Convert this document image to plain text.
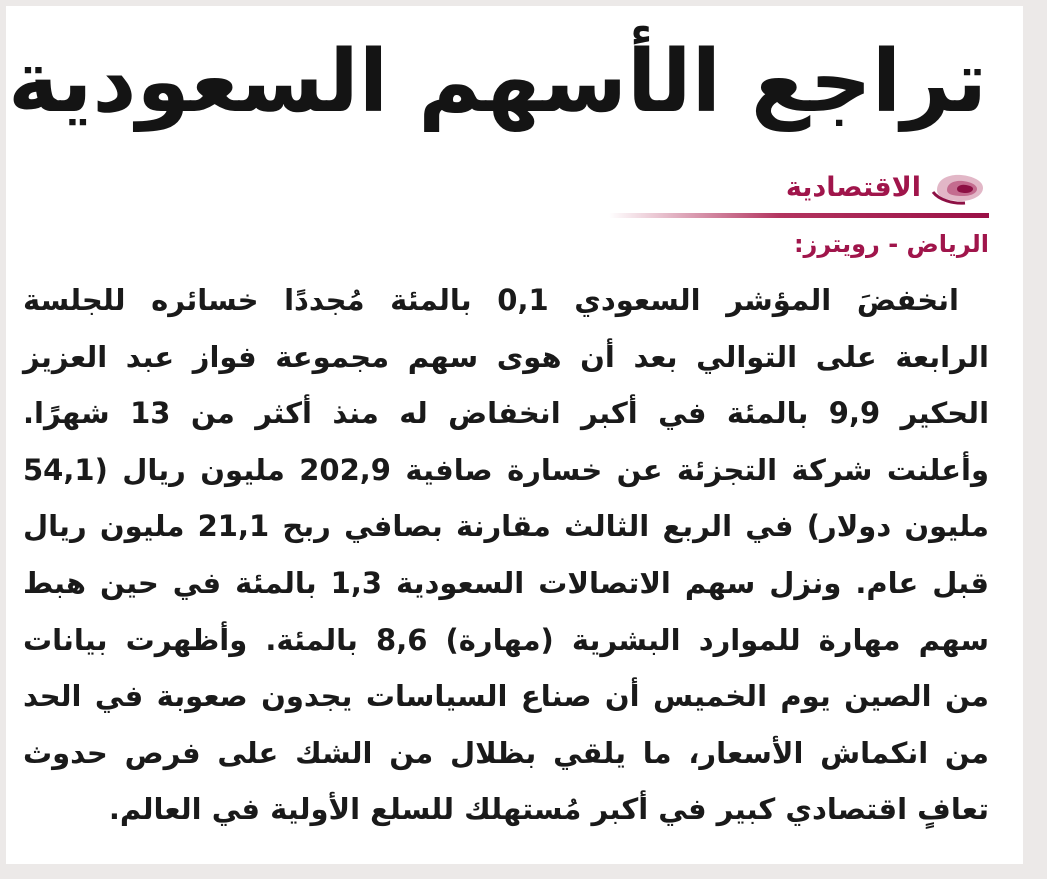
تراجع الأسهم السعودية
الاقتصادية
الرياض - رويترز:
انخفضَ المؤشر السعودي 0,1 بالمئة مُجددًا خسائره للجلسة
الرابعة على التوالي بعد أن هوى سهم مجموعة فواز عبد العزيز
الحكير 9,9 بالمئة في أكبر انخفاض له منذ أكثر من 13 شهرًا.
وأعلنت شركة التجزئة عن خسارة صافية 202,9 مليون ريال (54,1
مليون دولار) في الربع الثالث مقارنة بصافي ربح 21,1 مليون ريال
قبل عام. ونزل سهم الاتصالات السعودية 1,3 بالمئة في حين هبط
سهم مهارة للموارد البشرية (مهارة) 8,6 بالمئة. وأظهرت بيانات
من الصين يوم الخميس أن صناع السياسات يجدون صعوبة في الحد
من انكماش الأسعار، ما يلقي بظلال من الشك على فرص حدوث
تعافٍ اقتصادي كبير في أكبر مُستهلك للسلع الأولية في العالم.
